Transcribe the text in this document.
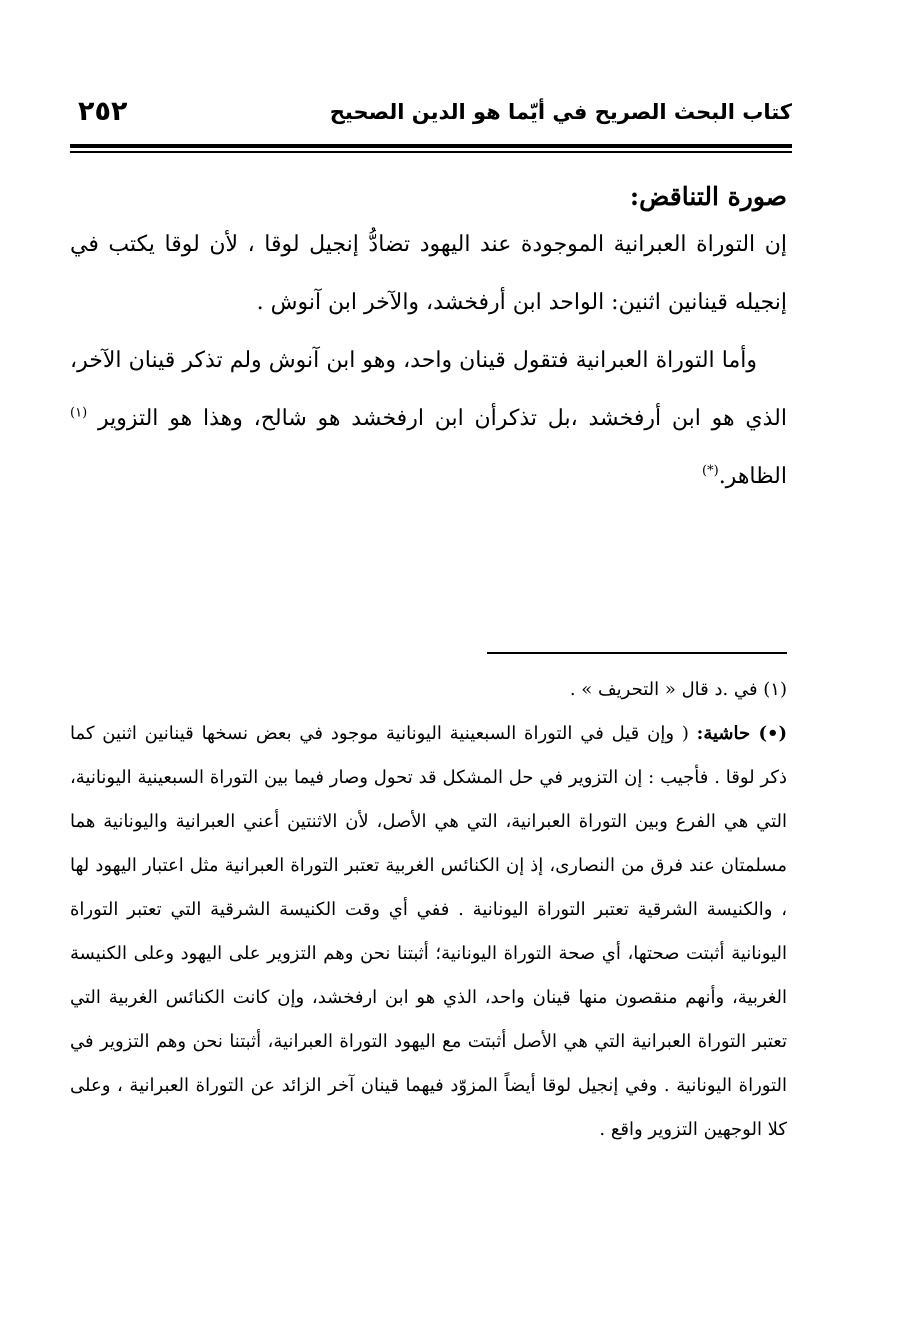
كتاب البحث الصريح في أيّما هو الدين الصحيح
٢٥٢
صورة التناقض:

إن التوراة العبرانية الموجودة عند اليهود تضادُّ إنجيل لوقا ، لأن لوقا يكتب في إنجيله قينانين اثنين: الواحد ابن أرفخشد، والآخر ابن آنوش .

وأما التوراة العبرانية فتقول قينان واحد، وهو ابن آنوش ولم تذكر قينان الآخر، الذي هو ابن أرفخشد ،بل تذكرأن ابن ارفخشد هو شالح، وهذا هو التزوير $^{(١)}$ الظاهر.(*)

(١) في .د قال « التحريف » .

(•) حاشية: ( وإن قيل في التوراة السبعينية اليونانية موجود في بعض نسخها قينانين اثنين كما ذكر لوقا . فأجيب : إن التزوير في حل المشكل قد تحول وصار فيما بين التوراة السبعينية اليونانية، التي هي الفرع وبين التوراة العبرانية، التي هي الأصل، لأن الاثنتين أعني العبرانية واليونانية هما مسلمتان عند فرق من النصارى، إذ إن الكنائس الغربية تعتبر التوراة العبرانية مثل اعتبار اليهود لها ، والكنيسة الشرقية تعتبر التوراة اليونانية . ففي أي وقت الكنيسة الشرقية التي تعتبر التوراة اليونانية أثبتت صحتها، أي صحة التوراة اليونانية؛ أثبتنا نحن وهم التزوير على اليهود وعلى الكنيسة الغربية، وأنهم منقصون منها قينان واحد، الذي هو ابن ارفخشد، وإن كانت الكنائس الغربية التي تعتبر التوراة العبرانية التي هي الأصل أثبتت مع اليهود التوراة العبرانية، أثبتنا نحن وهم التزوير في التوراة اليونانية . وفي إنجيل لوقا أيضاً المزوّد فيهما قينان آخر الزائد عن التوراة العبرانية ، وعلى كلا الوجهين التزوير واقع .
